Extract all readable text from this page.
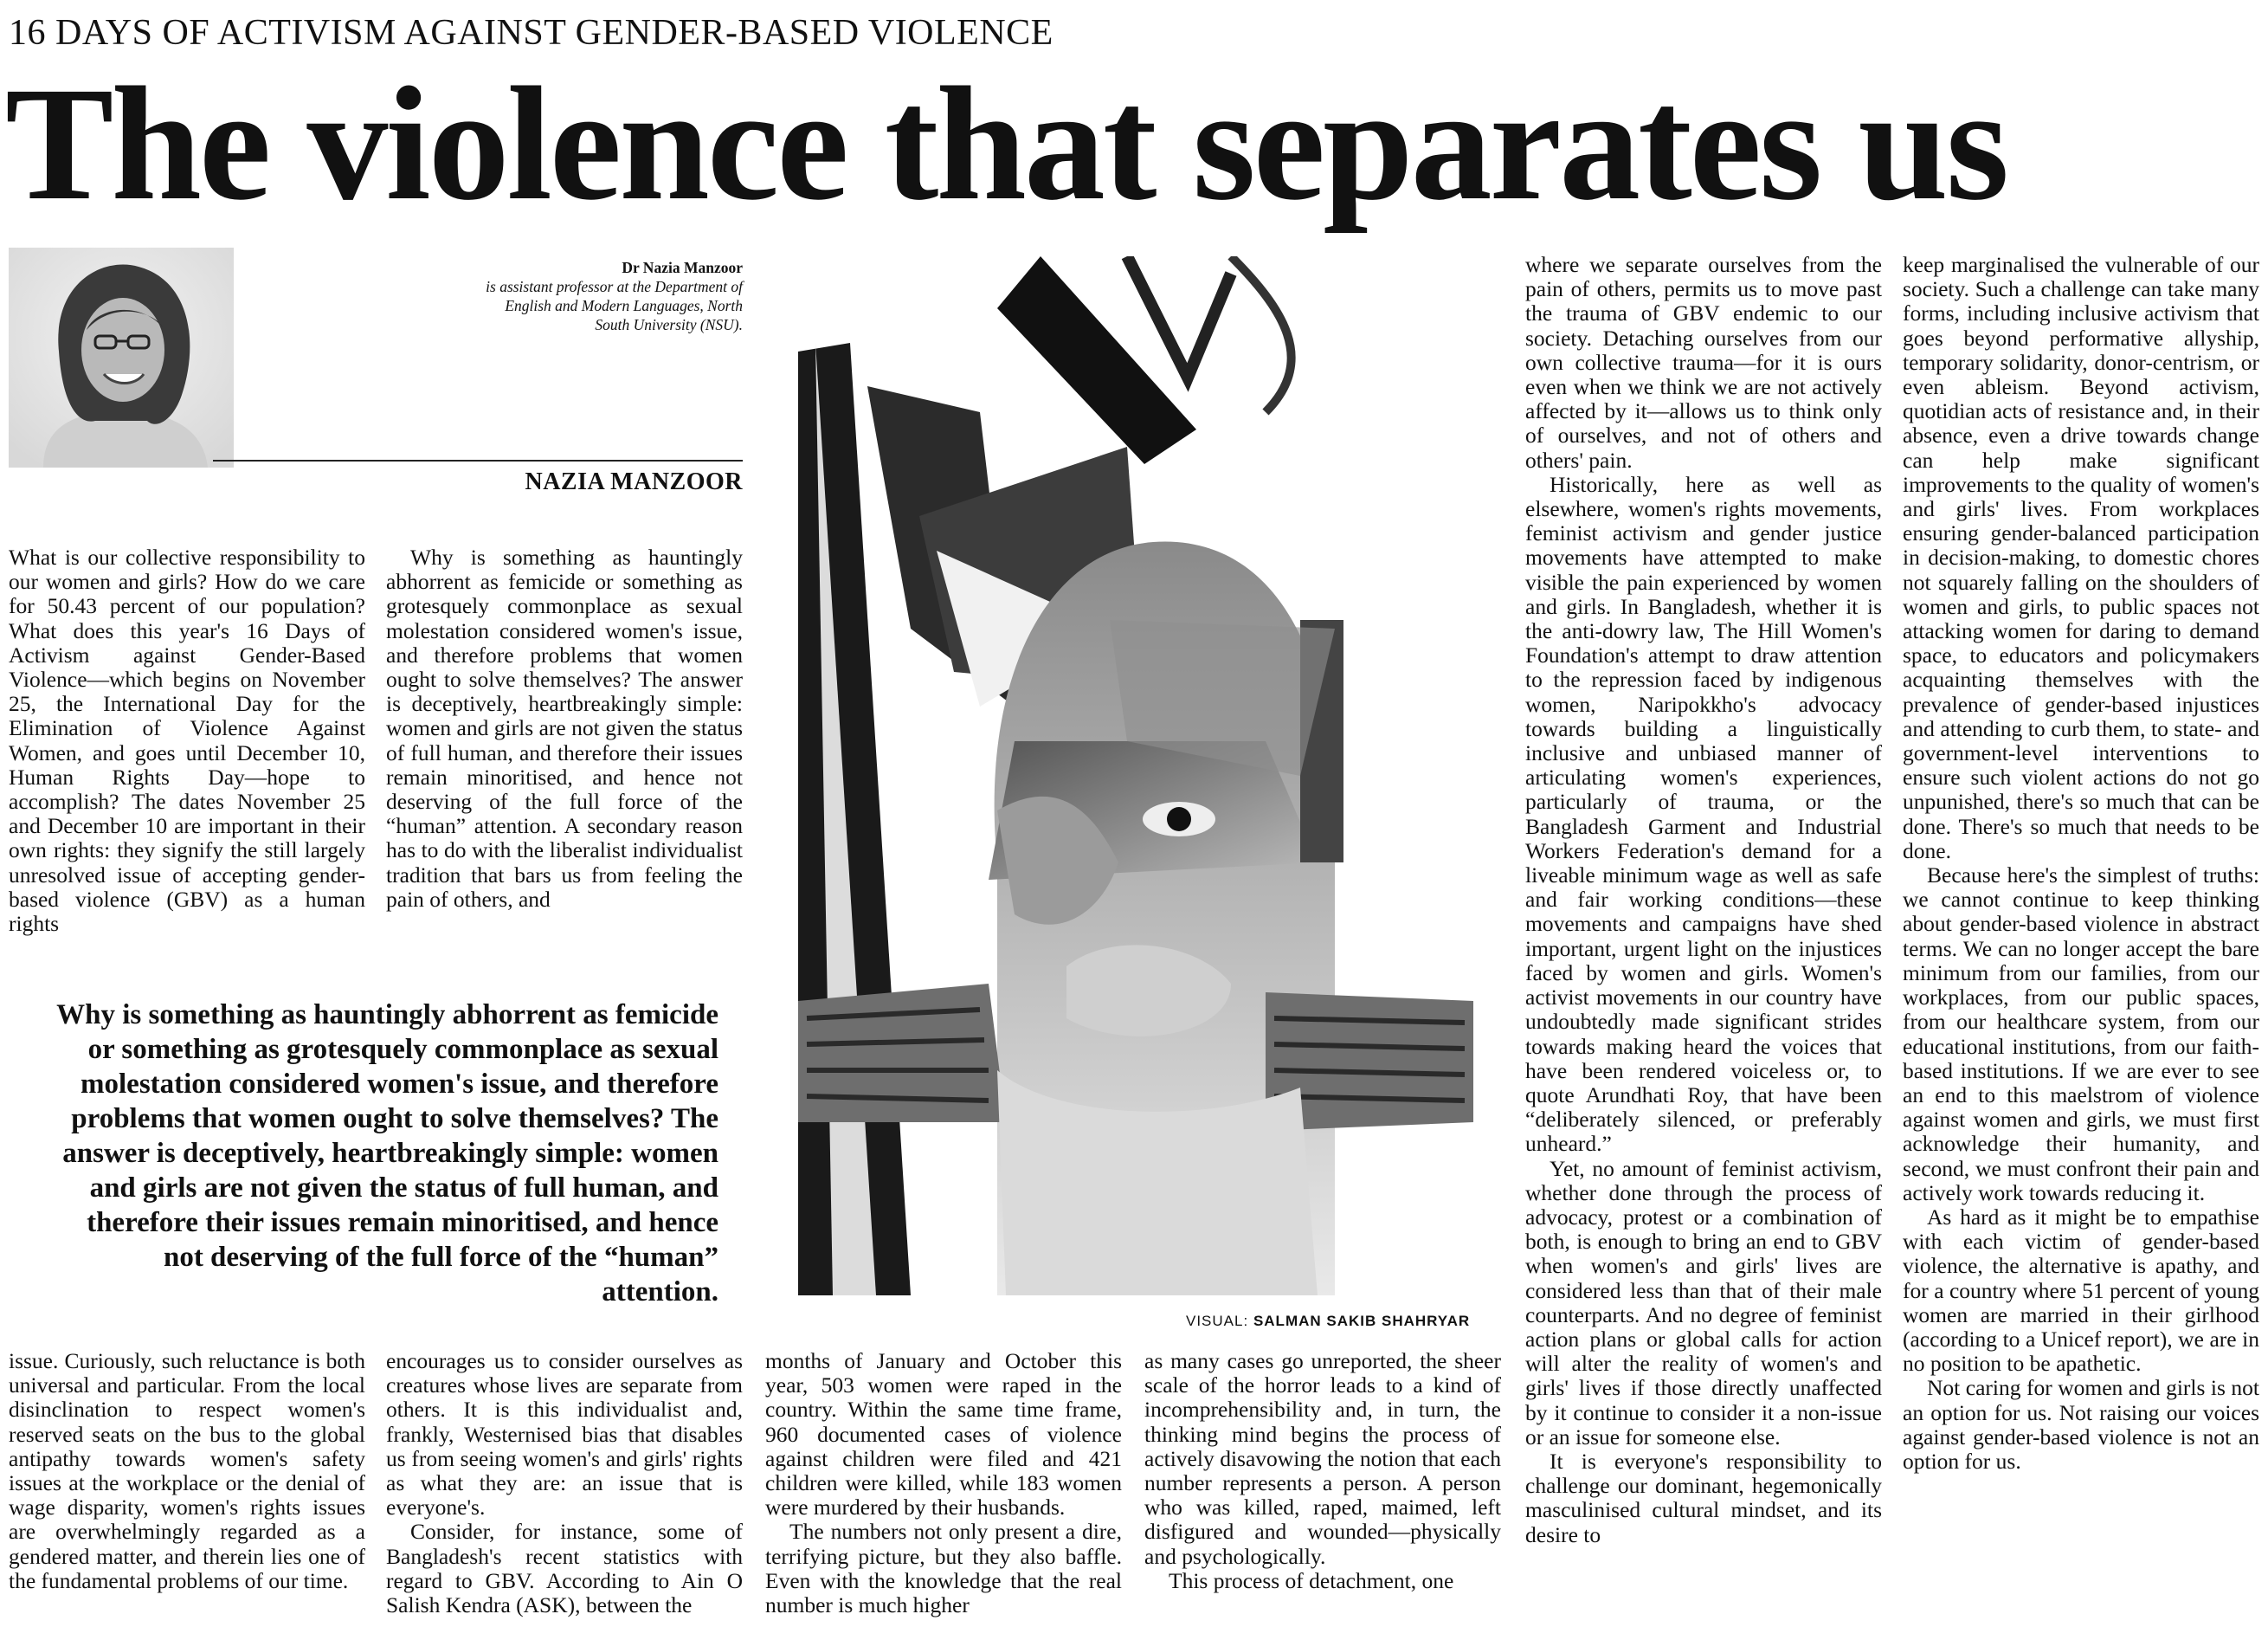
16 DAYS OF ACTIVISM AGAINST GENDER-BASED VIOLENCE
The violence that separates us
Dr Nazia Manzoor
is assistant professor at the Department of English and Modern Languages, North South University (NSU).
NAZIA MANZOOR
VISUAL: SALMAN SAKIB SHAHRYAR

What is our collective responsibility to our women and girls? How do we care for 50.43 percent of our population? What does this year's 16 Days of Activism against Gender-Based Violence—which begins on November 25, the International Day for the Elimination of Violence Against Women, and goes until December 10, Human Rights Day—hope to accomplish? The dates November 25 and December 10 are important in their own rights: they signify the still largely unresolved issue of accepting gender-based violence (GBV) as a human rights

Why is something as hauntingly abhorrent as femicide or something as grotesquely commonplace as sexual molestation considered women's issue, and therefore problems that women ought to solve themselves? The answer is deceptively, heartbreakingly simple: women and girls are not given the status of full human, and therefore their issues remain minoritised, and hence not deserving of the full force of the “human” attention. A secondary reason has to do with the liberalist individualist tradition that bars us from feeling the pain of others, and

Why is something as hauntingly abhorrent as femicide or something as grotesquely commonplace as sexual molestation considered women's issue, and therefore problems that women ought to solve themselves? The answer is deceptively, heartbreakingly simple: women and girls are not given the status of full human, and therefore their issues remain minoritised, and hence not deserving of the full force of the “human” attention.

issue. Curiously, such reluctance is both universal and particular. From the local disinclination to respect women's reserved seats on the bus to the global antipathy towards women's safety issues at the workplace or the denial of wage disparity, women's rights issues are overwhelmingly regarded as a gendered matter, and therein lies one of the fundamental problems of our time.

encourages us to consider ourselves as creatures whose lives are separate from others. It is this individualist and, frankly, Westernised bias that disables us from seeing women's and girls' rights as what they are: an issue that is everyone's.

Consider, for instance, some of Bangladesh's recent statistics with regard to GBV. According to Ain O Salish Kendra (ASK), between the

months of January and October this year, 503 women were raped in the country. Within the same time frame, 960 documented cases of violence against children were filed and 421 children were killed, while 183 women were murdered by their husbands.

The numbers not only present a dire, terrifying picture, but they also baffle. Even with the knowledge that the real number is much higher

as many cases go unreported, the sheer scale of the horror leads to a kind of incomprehensibility and, in turn, the thinking mind begins the process of actively disavowing the notion that each number represents a person. A person who was killed, raped, maimed, left disfigured and wounded—physically and psychologically.

This process of detachment, one

where we separate ourselves from the pain of others, permits us to move past the trauma of GBV endemic to our society. Detaching ourselves from our own collective trauma—for it is ours even when we think we are not actively affected by it—allows us to think only of ourselves, and not of others and others' pain.

Historically, here as well as elsewhere, women's rights movements, feminist activism and gender justice movements have attempted to make visible the pain experienced by women and girls. In Bangladesh, whether it is the anti-dowry law, The Hill Women's Foundation's attempt to draw attention to the repression faced by indigenous women, Naripokkho's advocacy towards building a linguistically inclusive and unbiased manner of articulating women's experiences, particularly of trauma, or the Bangladesh Garment and Industrial Workers Federation's demand for a liveable minimum wage as well as safe and fair working conditions—these movements and campaigns have shed important, urgent light on the injustices faced by women and girls. Women's activist movements in our country have undoubtedly made significant strides towards making heard the voices that have been rendered voiceless or, to quote Arundhati Roy, that have been “deliberately silenced, or preferably unheard.”

Yet, no amount of feminist activism, whether done through the process of advocacy, protest or a combination of both, is enough to bring an end to GBV when women's and girls' lives are considered less than that of their male counterparts. And no degree of feminist action plans or global calls for action will alter the reality of women's and girls' lives if those directly unaffected by it continue to consider it a non-issue or an issue for someone else.

It is everyone's responsibility to challenge our dominant, hegemonically masculinised cultural mindset, and its desire to

keep marginalised the vulnerable of our society. Such a challenge can take many forms, including inclusive activism that goes beyond performative allyship, temporary solidarity, donor-centrism, or even ableism. Beyond activism, quotidian acts of resistance and, in their absence, even a drive towards change can help make significant improvements to the quality of women's and girls' lives. From workplaces ensuring gender-balanced participation in decision-making, to domestic chores not squarely falling on the shoulders of women and girls, to public spaces not attacking women for daring to demand space, to educators and policymakers acquainting themselves with the prevalence of gender-based injustices and attending to curb them, to state- and government-level interventions to ensure such violent actions do not go unpunished, there's so much that can be done. There's so much that needs to be done.

Because here's the simplest of truths: we cannot continue to keep thinking about gender-based violence in abstract terms. We can no longer accept the bare minimum from our families, from our workplaces, from our public spaces, from our healthcare system, from our educational institutions, from our faith-based institutions. If we are ever to see an end to this maelstrom of violence against women and girls, we must first acknowledge their humanity, and second, we must confront their pain and actively work towards reducing it.

As hard as it might be to empathise with each victim of gender-based violence, the alternative is apathy, and for a country where 51 percent of young women are married in their girlhood (according to a Unicef report), we are in no position to be apathetic.

Not caring for women and girls is not an option for us. Not raising our voices against gender-based violence is not an option for us.
